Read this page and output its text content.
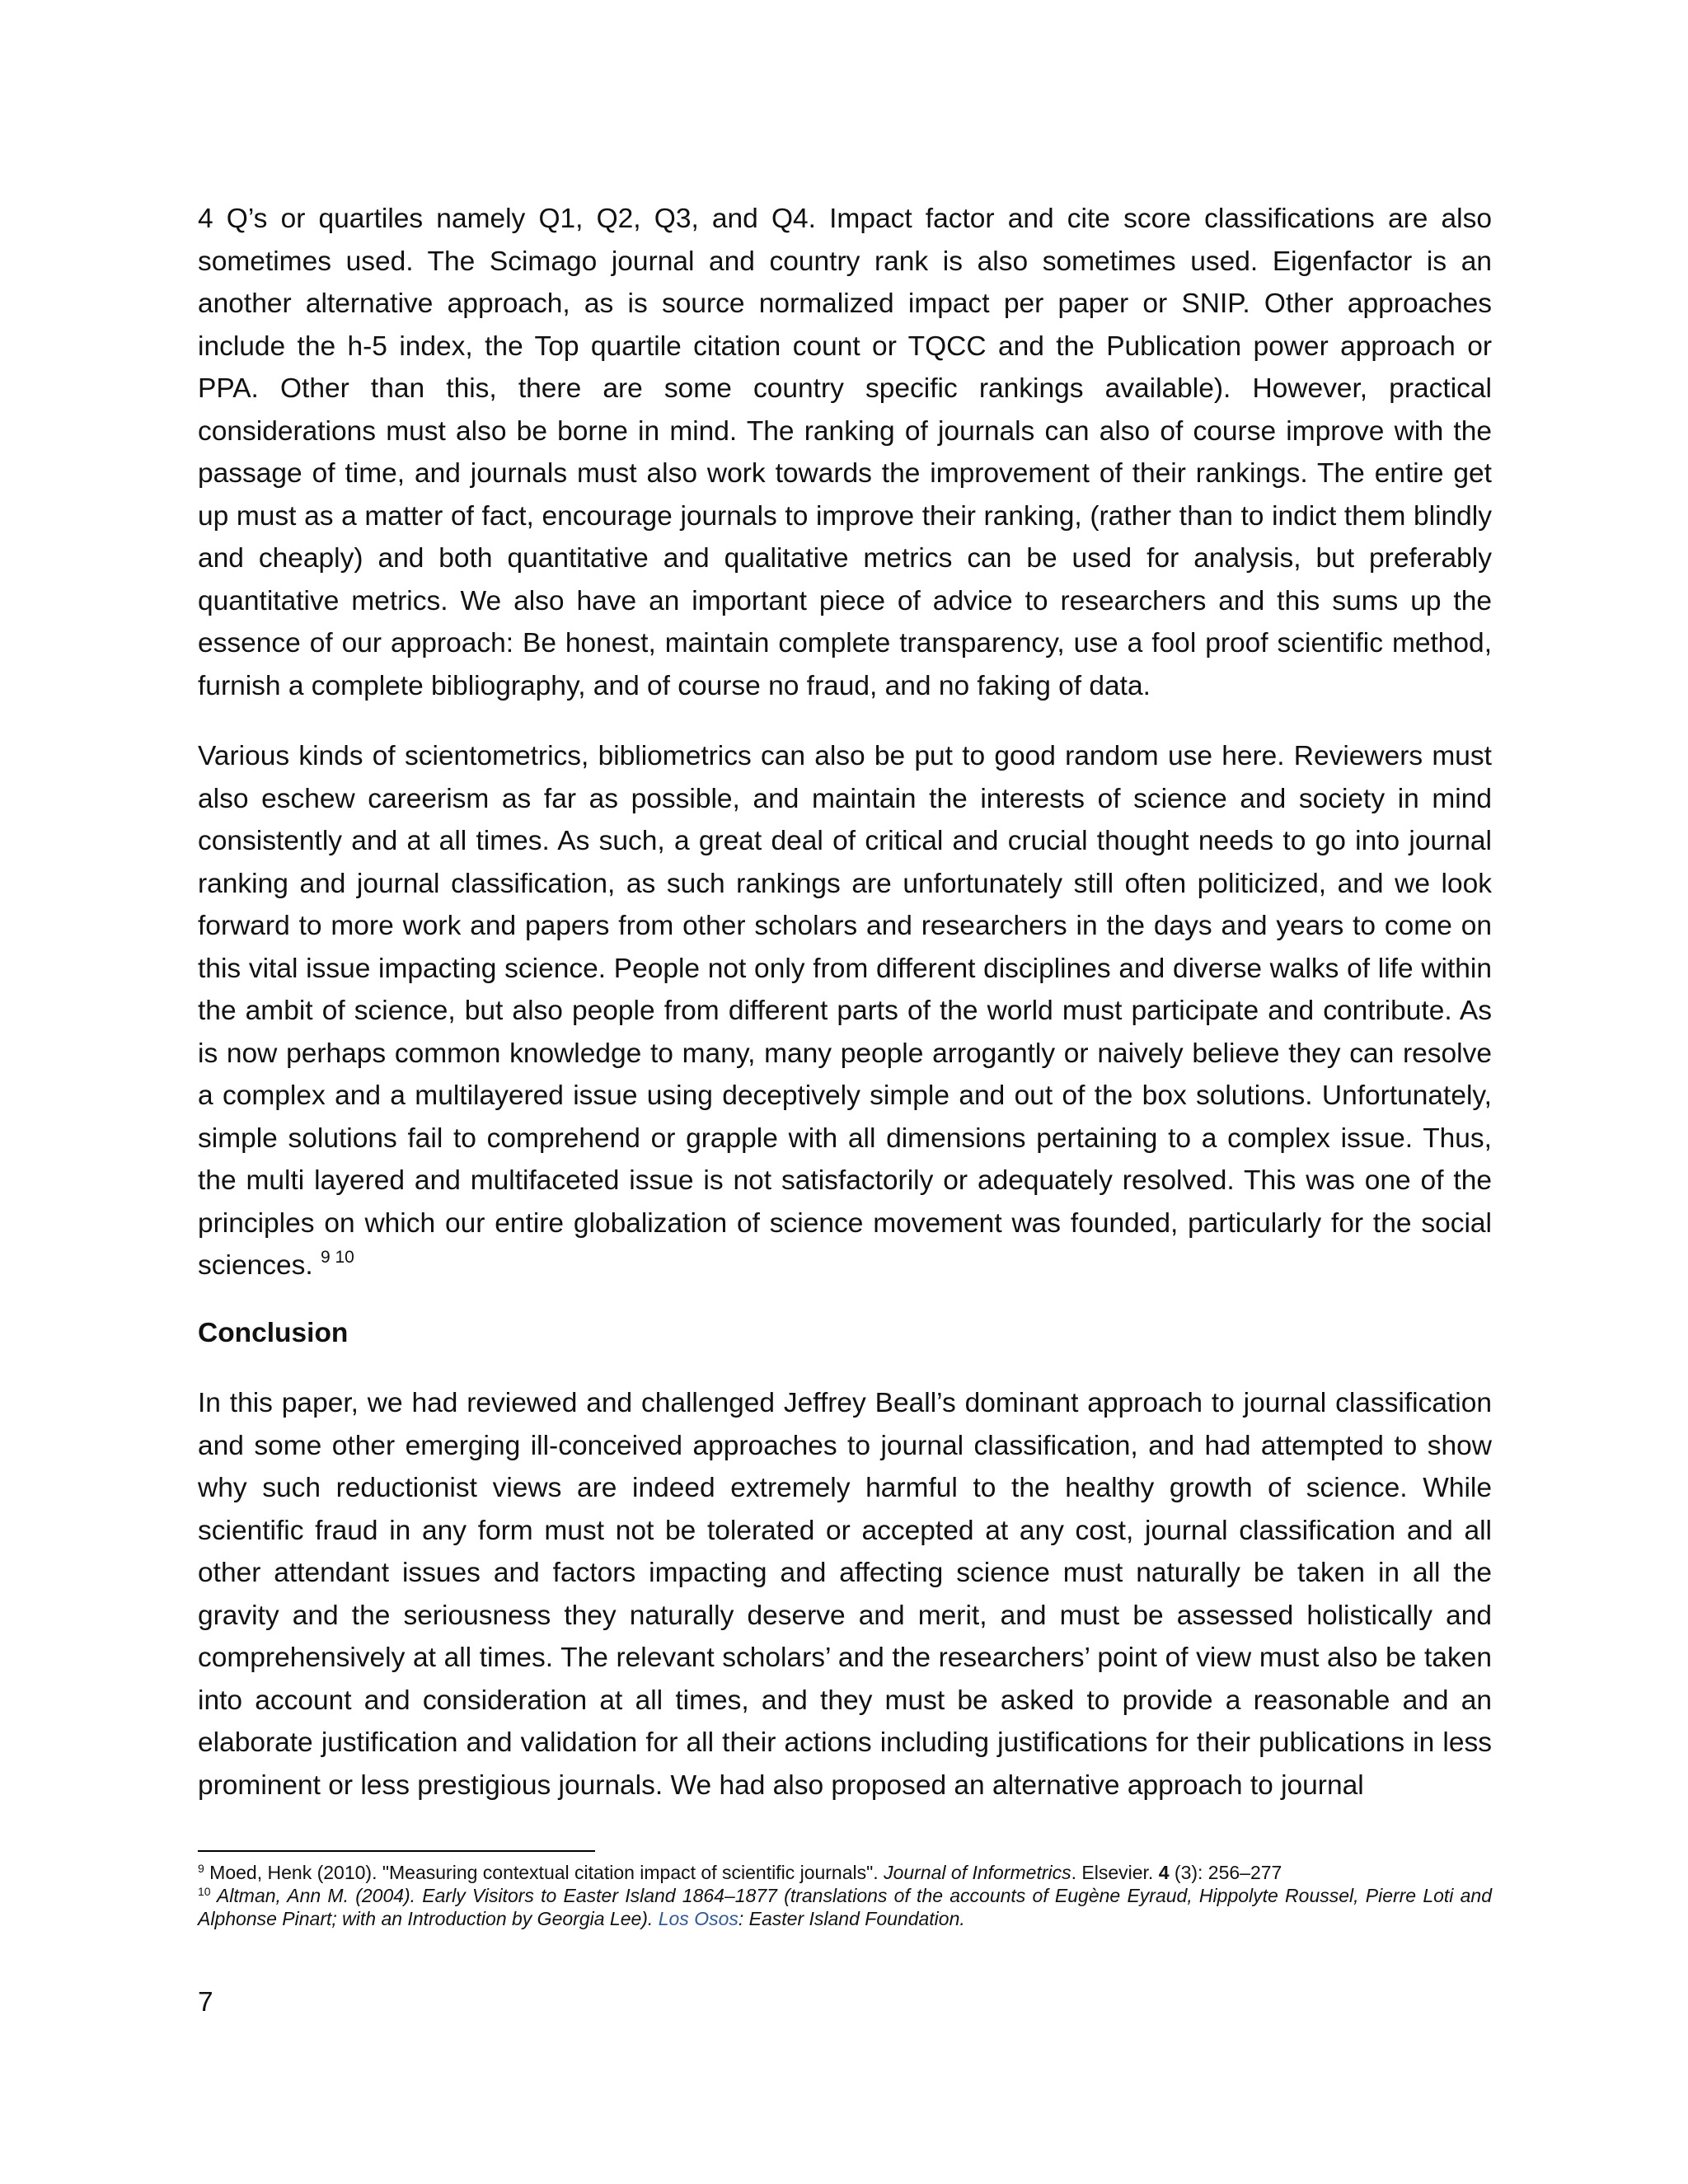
4 Q’s or quartiles namely Q1, Q2, Q3, and Q4. Impact factor and cite score classifications are also sometimes used. The Scimago journal and country rank is also sometimes used. Eigenfactor is an another alternative approach, as is source normalized impact per paper or SNIP. Other approaches include the h-5 index, the Top quartile citation count or TQCC and the Publication power approach or PPA. Other than this, there are some country specific rankings available). However, practical considerations must also be borne in mind. The ranking of journals can also of course improve with the passage of time, and journals must also work towards the improvement of their rankings. The entire get up must as a matter of fact, encourage journals to improve their ranking, (rather than to indict them blindly and cheaply) and both quantitative and qualitative metrics can be used for analysis, but preferably quantitative metrics. We also have an important piece of advice to researchers and this sums up the essence of our approach: Be honest, maintain complete transparency, use a fool proof scientific method, furnish a complete bibliography, and of course no fraud, and no faking of data.

Various kinds of scientometrics, bibliometrics can also be put to good random use here. Reviewers must also eschew careerism as far as possible, and maintain the interests of science and society in mind consistently and at all times. As such, a great deal of critical and crucial thought needs to go into journal ranking and journal classification, as such rankings are unfortunately still often politicized, and we look forward to more work and papers from other scholars and researchers in the days and years to come on this vital issue impacting science. People not only from different disciplines and diverse walks of life within the ambit of science, but also people from different parts of the world must participate and contribute. As is now perhaps common knowledge to many, many people arrogantly or naively believe they can resolve a complex and a multilayered issue using deceptively simple and out of the box solutions. Unfortunately, simple solutions fail to comprehend or grapple with all dimensions pertaining to a complex issue. Thus, the multi layered and multifaceted issue is not satisfactorily or adequately resolved. This was one of the principles on which our entire globalization of science movement was founded, particularly for the social sciences. $^{9 10}$

Conclusion

In this paper, we had reviewed and challenged Jeffrey Beall’s dominant approach to journal classification and some other emerging ill-conceived approaches to journal classification, and had attempted to show why such reductionist views are indeed extremely harmful to the healthy growth of science. While scientific fraud in any form must not be tolerated or accepted at any cost, journal classification and all other attendant issues and factors impacting and affecting science must naturally be taken in all the gravity and the seriousness they naturally deserve and merit, and must be assessed holistically and comprehensively at all times. The relevant scholars’ and the researchers’ point of view must also be taken into account and consideration at all times, and they must be asked to provide a reasonable and an elaborate justification and validation for all their actions including justifications for their publications in less prominent or less prestigious journals. We had also proposed an alternative approach to journal

$^9$ Moed, Henk (2010). "Measuring contextual citation impact of scientific journals". Journal of Informetrics. Elsevier. 4 (3): 256–277

$^{10}$ Altman, Ann M. (2004). Early Visitors to Easter Island 1864–1877 (translations of the accounts of Eugène Eyraud, Hippolyte Roussel, Pierre Loti and Alphonse Pinart; with an Introduction by Georgia Lee). Los Osos: Easter Island Foundation.

7
